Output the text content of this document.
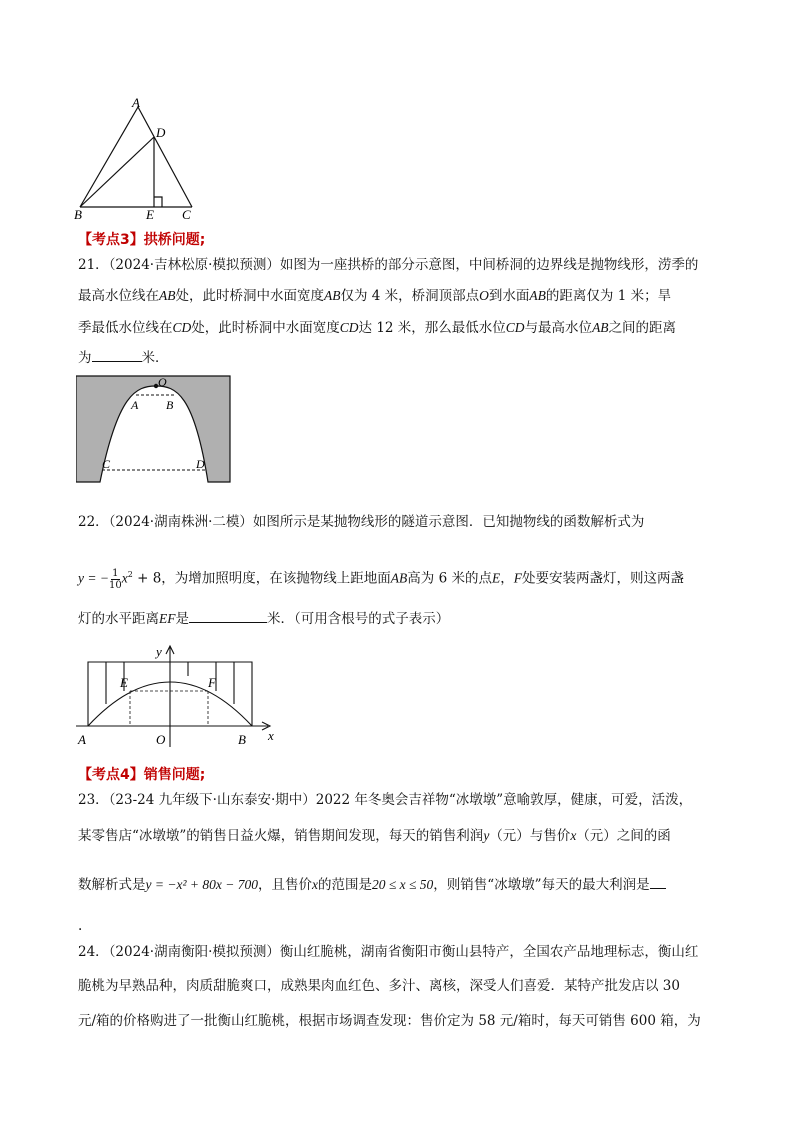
A
D
B	E C
【考点3】拱桥问题;
21．（2024·吉林松原·模拟预测）如图为一座拱桥的部分示意图，中间桥洞的边界线是抛物线形，涝季的
最高水位线在AB处，此时桥洞中水面宽度AB仅为 4 米，桥洞顶部点O到水面AB的距离仅为 1 米；旱
季最低水位线在CD处，此时桥洞中水面宽度CD达 12 米，那么最低水位CD与最高水位AB之间的距离
为	米．
O
A B
C	D
22．（2024·湖南株洲·二模）如图所示是某抛物线形的隧道示意图．已知抛物线的函数解析式为
y = − $\frac{1}{10} x^2 + 8$，为增加照明度，在该抛物线上距地面AB高为 6 米的点E，F处要安装两盏灯，则这两盏
灯的水平距离EF是	米．（可用含根号的式子表示）
y
E	F
A	O	B x
【考点4】销售问题;
23．（23-24 九年级下·山东泰安·期中）2022 年冬奥会吉祥物“冰墩墩”意喻敦厚，健康，可爱，活泼，
某零售店“冰墩墩”的销售日益火爆，销售期间发现，每天的销售利润y（元）与售价x（元）之间的函
数解析式是y = −x² + 80x − 700，且售价x的范围是20 ≤ x ≤ 50，则销售“冰墩墩”每天的最大利润是
.
24．（2024·湖南衡阳·模拟预测）衡山红脆桃，湖南省衡阳市衡山县特产，全国农产品地理标志，衡山红
脆桃为早熟品种，肉质甜脆爽口，成熟果肉血红色、多汁、离核，深受人们喜爱．某特产批发店以 30
元/箱的价格购进了一批衡山红脆桃，根据市场调查发现：售价定为 58 元/箱时，每天可销售 600 箱，为
